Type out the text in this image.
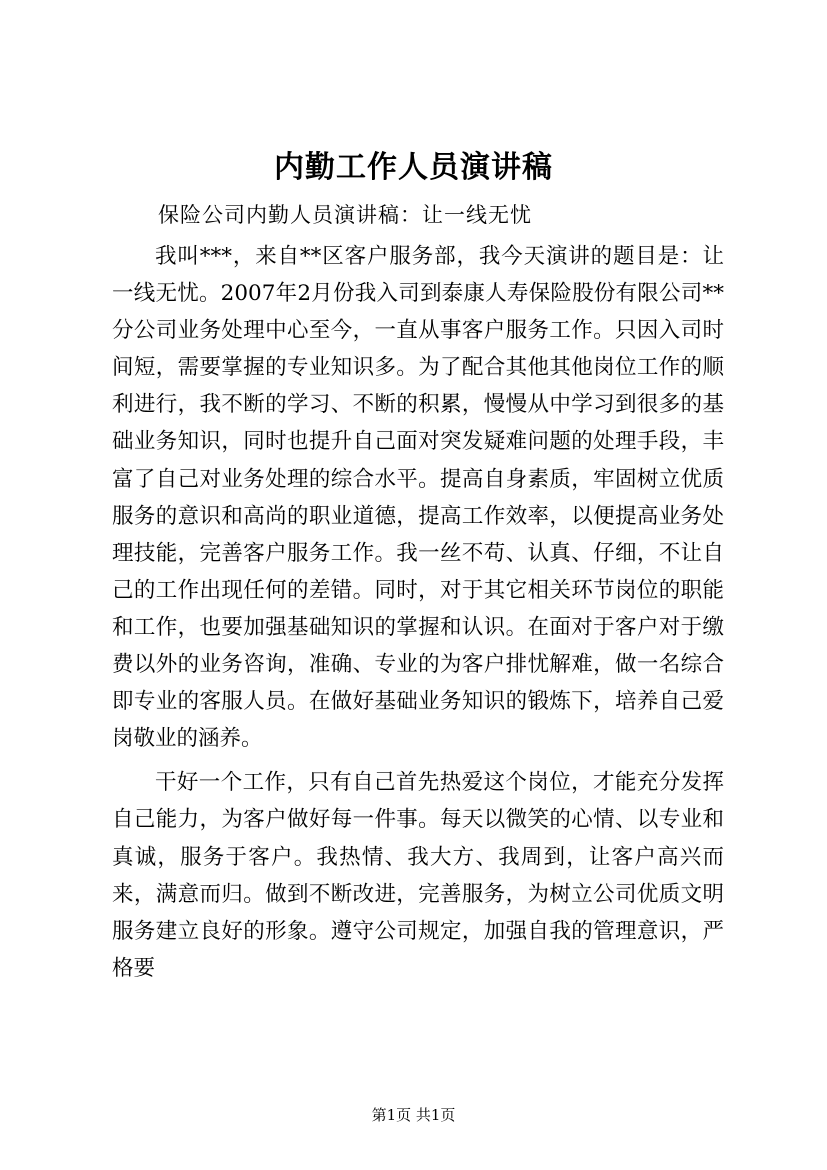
内勤工作人员演讲稿
保险公司内勤人员演讲稿：让一线无忧

我叫***，来自**区客户服务部，我今天演讲的题目是：让一线无忧。2007年2月份我入司到泰康人寿保险股份有限公司**分公司业务处理中心至今，一直从事客户服务工作。只因入司时间短，需要掌握的专业知识多。为了配合其他其他岗位工作的顺利进行，我不断的学习、不断的积累，慢慢从中学习到很多的基础业务知识，同时也提升自己面对突发疑难问题的处理手段，丰富了自己对业务处理的综合水平。提高自身素质，牢固树立优质服务的意识和高尚的职业道德，提高工作效率，以便提高业务处理技能，完善客户服务工作。我一丝不苟、认真、仔细，不让自己的工作出现任何的差错。同时，对于其它相关环节岗位的职能和工作，也要加强基础知识的掌握和认识。在面对于客户对于缴费以外的业务咨询，准确、专业的为客户排忧解难，做一名综合即专业的客服人员。在做好基础业务知识的锻炼下，培养自己爱岗敬业的涵养。

干好一个工作，只有自己首先热爱这个岗位，才能充分发挥自己能力，为客户做好每一件事。每天以微笑的心情、以专业和真诚，服务于客户。我热情、我大方、我周到，让客户高兴而来，满意而归。做到不断改进，完善服务，为树立公司优质文明服务建立良好的形象。遵守公司规定，加强自我的管理意识，严格要

第1页 共1页
